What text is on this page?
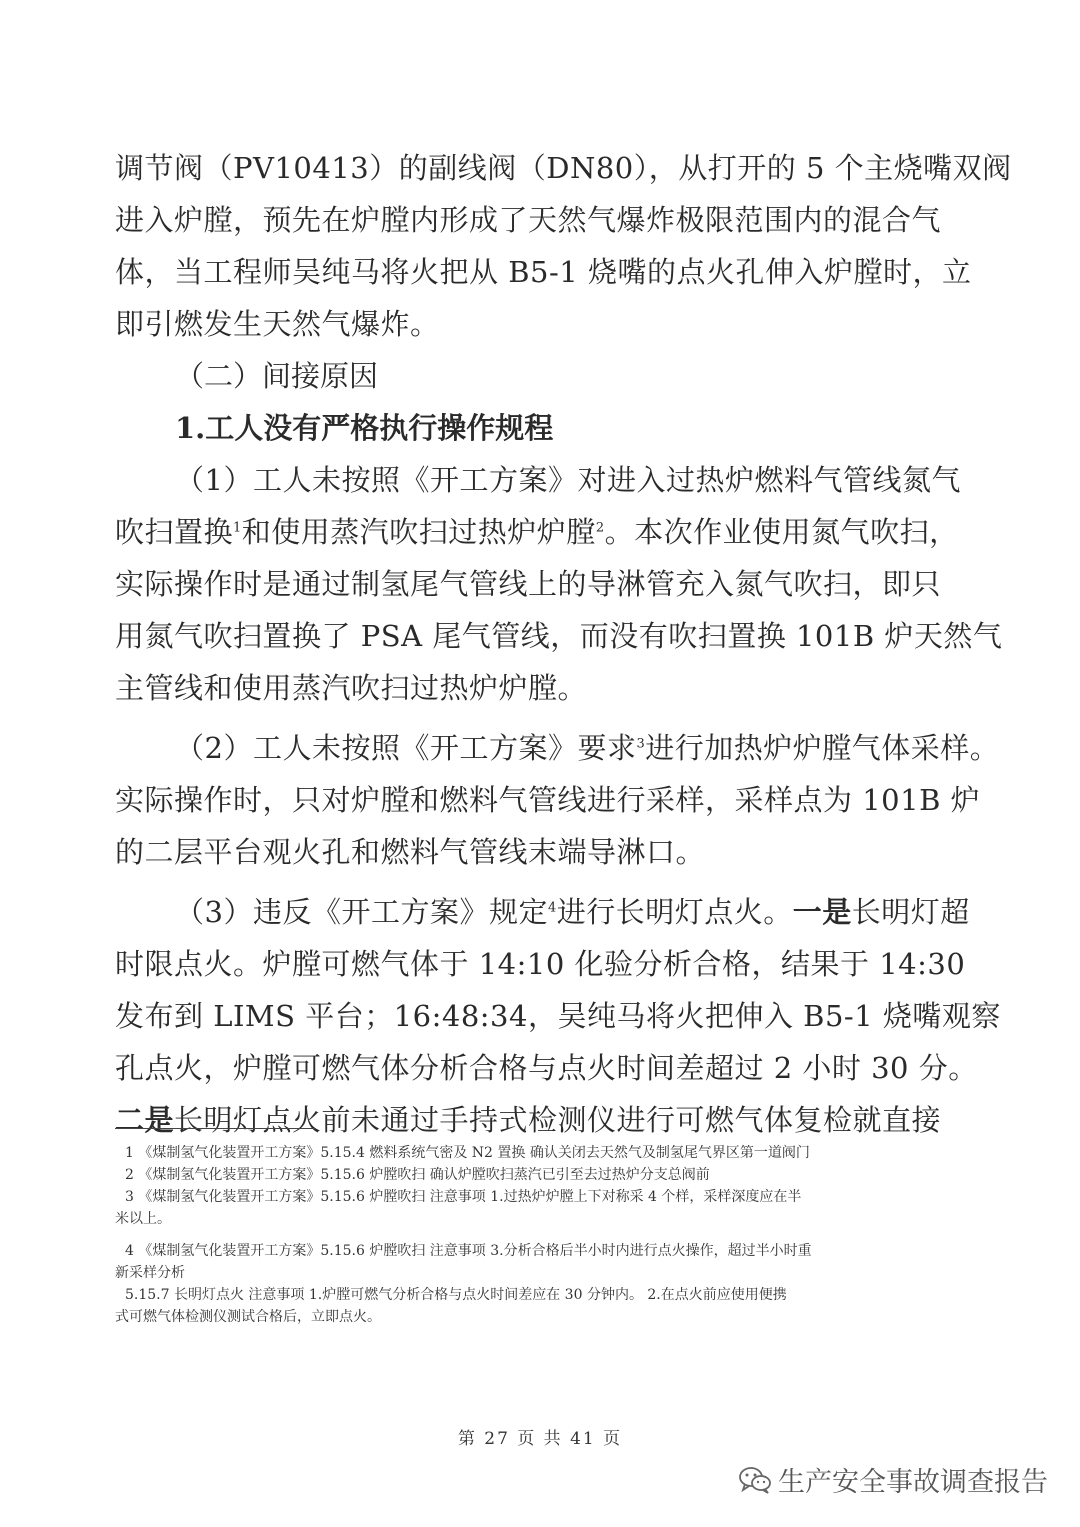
调节阀（PV10413）的副线阀（DN80），从打开的 5 个主烧嘴双阀
进入炉膛，预先在炉膛内形成了天然气爆炸极限范围内的混合气
体，当工程师吴纯马将火把从 B5-1 烧嘴的点火孔伸入炉膛时，立
即引燃发生天然气爆炸。
（二）间接原因
1.工人没有严格执行操作规程
（1）工人未按照《开工方案》对进入过热炉燃料气管线氮气
吹扫置换$^1$和使用蒸汽吹扫过热炉炉膛$^2$。本次作业使用氮气吹扫，
实际操作时是通过制氢尾气管线上的导淋管充入氮气吹扫，即只
用氮气吹扫置换了 PSA 尾气管线，而没有吹扫置换 101B 炉天然气
主管线和使用蒸汽吹扫过热炉炉膛。
（2）工人未按照《开工方案》要求$^3$进行加热炉炉膛气体采样。
实际操作时，只对炉膛和燃料气管线进行采样，采样点为 101B 炉
的二层平台观火孔和燃料气管线末端导淋口。
（3）违反《开工方案》规定$^4$进行长明灯点火。一是长明灯超
时限点火。炉膛可燃气体于 14:10 化验分析合格，结果于 14:30
发布到 LIMS 平台；16:48:34，吴纯马将火把伸入 B5-1 烧嘴观察
孔点火，炉膛可燃气体分析合格与点火时间差超过 2 小时 30 分。
二是长明灯点火前未通过手持式检测仪进行可燃气体复检就直接
1 《煤制氢气化装置开工方案》5.15.4 燃料系统气密及 N2 置换 确认关闭去天然气及制氢尾气界区第一道阀门
2 《煤制氢气化装置开工方案》5.15.6 炉膛吹扫 确认炉膛吹扫蒸汽已引至去过热炉分支总阀前
3 《煤制氢气化装置开工方案》5.15.6 炉膛吹扫 注意事项 1.过热炉炉膛上下对称采 4 个样，采样深度应在半
米以上。
4 《煤制氢气化装置开工方案》5.15.6 炉膛吹扫 注意事项 3.分析合格后半小时内进行点火操作，超过半小时重
新采样分析
5.15.7 长明灯点火 注意事项 1.炉膛可燃气分析合格与点火时间差应在 30 分钟内。 2.在点火前应使用便携
式可燃气体检测仪测试合格后，立即点火。
第 27 页 共 41 页
生产安全事故调查报告
